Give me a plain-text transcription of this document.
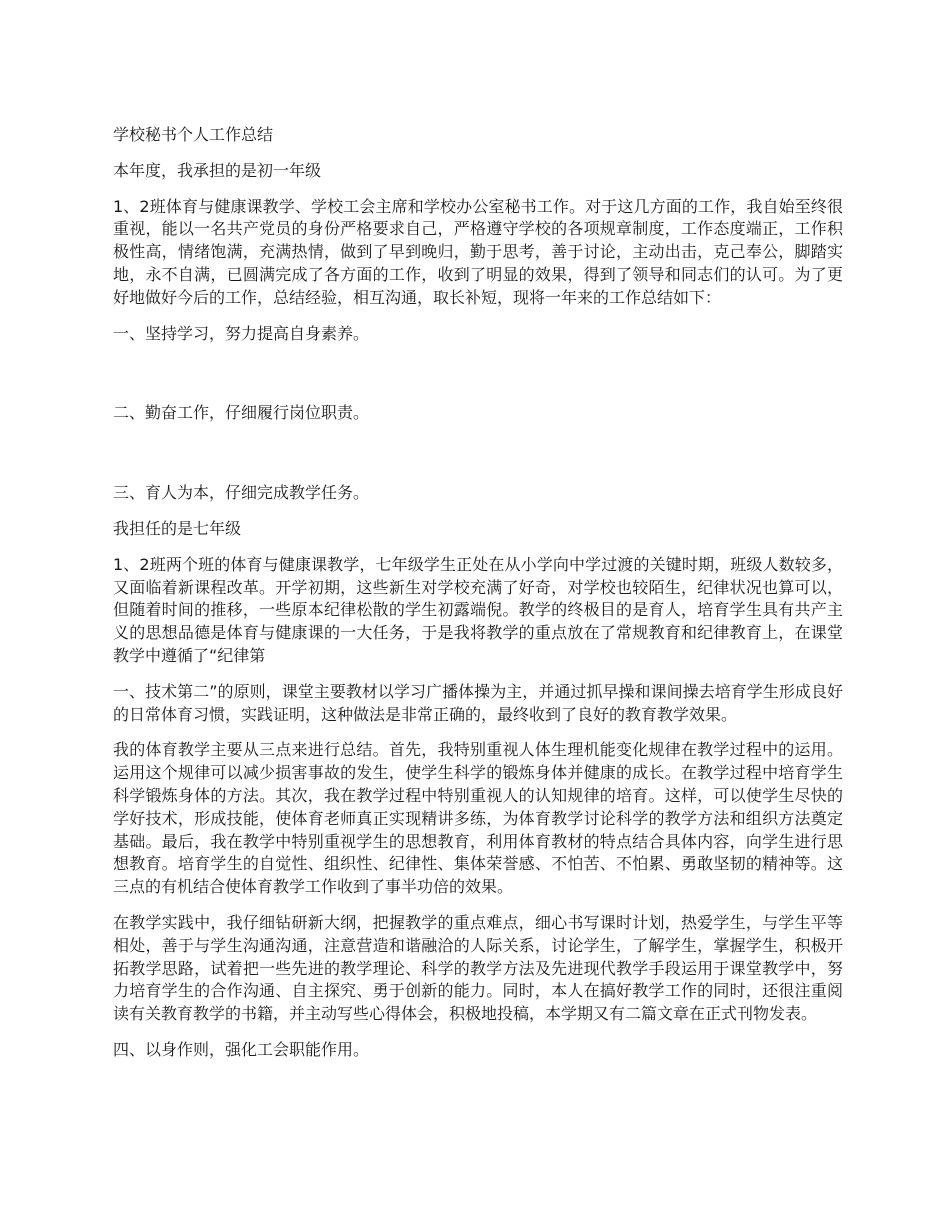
学校秘书个人工作总结

本年度，我承担的是初一年级

1、2班体育与健康课教学、学校工会主席和学校办公室秘书工作。对于这几方面的工作，我自始至终很重视，能以一名共产党员的身份严格要求自己，严格遵守学校的各项规章制度，工作态度端正，工作积极性高，情绪饱满，充满热情，做到了早到晚归，勤于思考，善于讨论，主动出击，克己奉公，脚踏实地，永不自满，已圆满完成了各方面的工作，收到了明显的效果，得到了领导和同志们的认可。为了更好地做好今后的工作，总结经验，相互沟通，取长补短，现将一年来的工作总结如下：

一、坚持学习，努力提高自身素养。

二、勤奋工作，仔细履行岗位职责。

三、育人为本，仔细完成教学任务。

我担任的是七年级

1、2班两个班的体育与健康课教学，七年级学生正处在从小学向中学过渡的关键时期，班级人数较多，又面临着新课程改革。开学初期，这些新生对学校充满了好奇，对学校也较陌生，纪律状况也算可以，但随着时间的推移，一些原本纪律松散的学生初露端倪。教学的终极目的是育人，培育学生具有共产主义的思想品德是体育与健康课的一大任务，于是我将教学的重点放在了常规教育和纪律教育上，在课堂教学中遵循了“纪律第

一、技术第二”的原则，课堂主要教材以学习广播体操为主，并通过抓早操和课间操去培育学生形成良好的日常体育习惯，实践证明，这种做法是非常正确的，最终收到了良好的教育教学效果。

我的体育教学主要从三点来进行总结。首先，我特别重视人体生理机能变化规律在教学过程中的运用。运用这个规律可以减少损害事故的发生，使学生科学的锻炼身体并健康的成长。在教学过程中培育学生科学锻炼身体的方法。其次，我在教学过程中特别重视人的认知规律的培育。这样，可以使学生尽快的学好技术，形成技能，使体育老师真正实现精讲多练，为体育教学讨论科学的教学方法和组织方法奠定基础。最后，我在教学中特别重视学生的思想教育，利用体育教材的特点结合具体内容，向学生进行思想教育。培育学生的自觉性、组织性、纪律性、集体荣誉感、不怕苦、不怕累、勇敢坚韧的精神等。这三点的有机结合使体育教学工作收到了事半功倍的效果。

在教学实践中，我仔细钻研新大纲，把握教学的重点难点，细心书写课时计划，热爱学生，与学生平等相处，善于与学生沟通沟通，注意营造和谐融洽的人际关系，讨论学生，了解学生，掌握学生，积极开拓教学思路，试着把一些先进的教学理论、科学的教学方法及先进现代教学手段运用于课堂教学中，努力培育学生的合作沟通、自主探究、勇于创新的能力。同时，本人在搞好教学工作的同时，还很注重阅读有关教育教学的书籍，并主动写些心得体会，积极地投稿，本学期又有二篇文章在正式刊物发表。

四、以身作则，强化工会职能作用。
